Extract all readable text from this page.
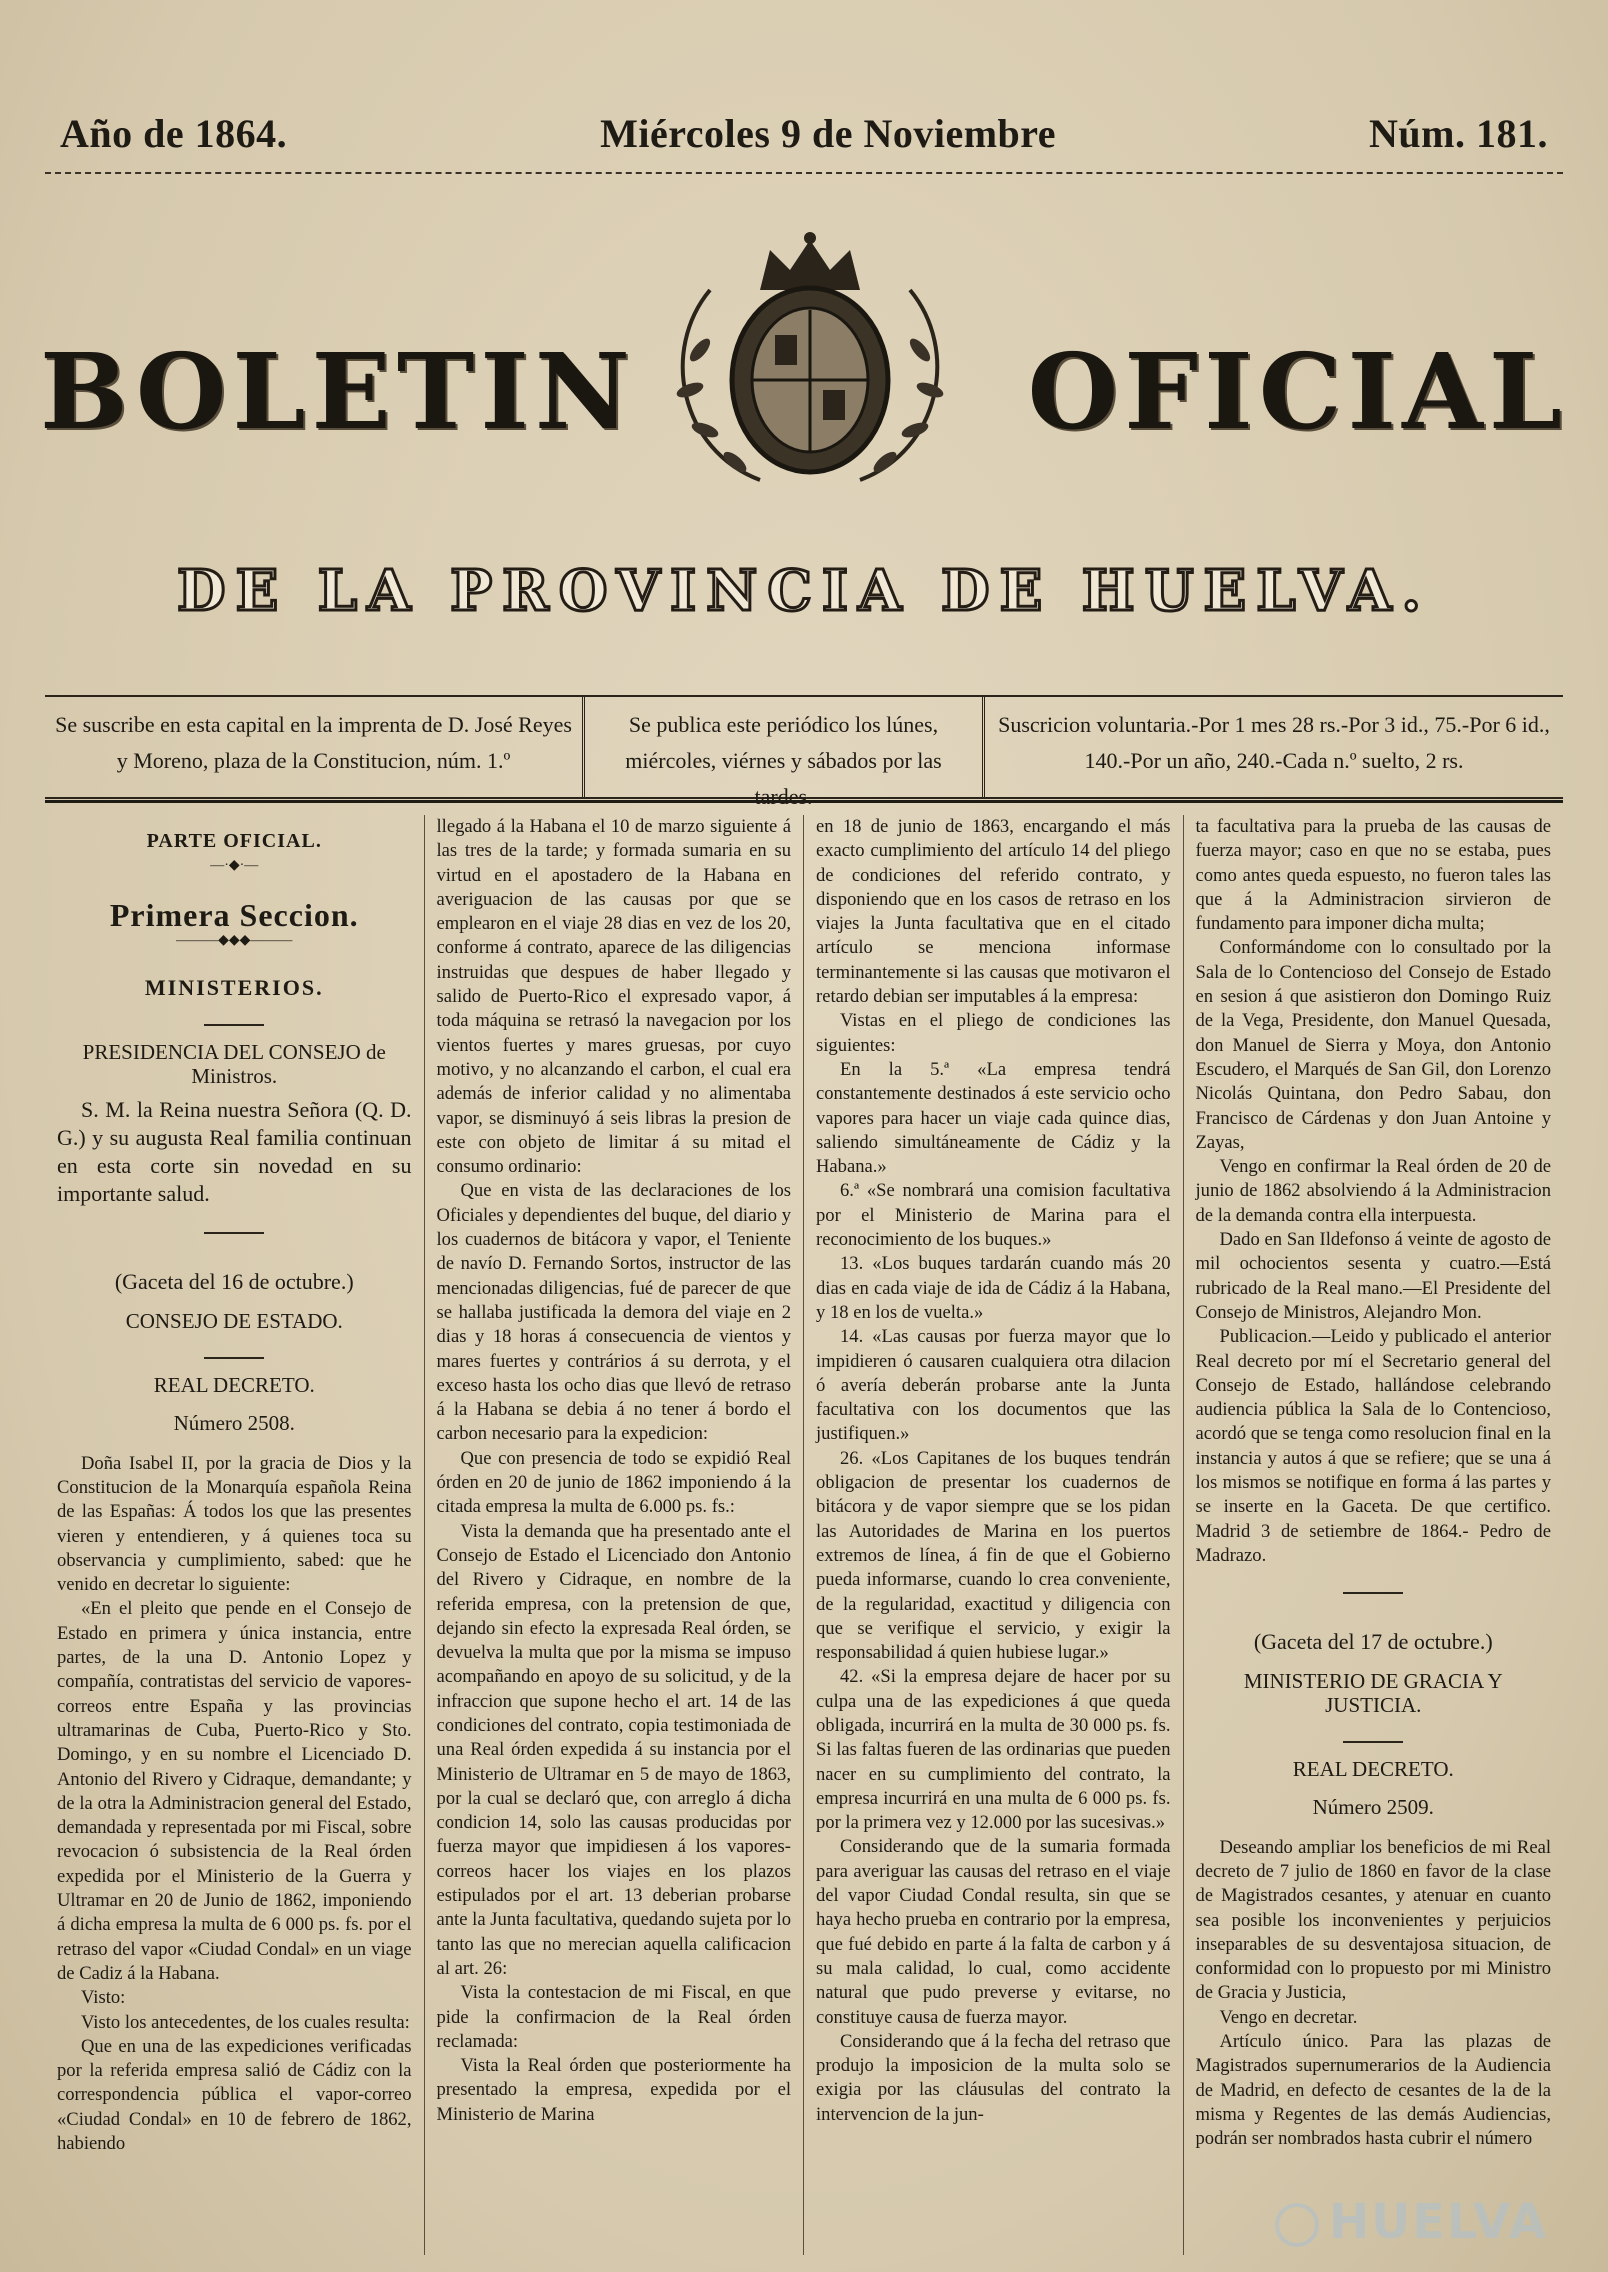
Año de 1864.	Miércoles 9 de Noviembre	Núm. 181.
BOLETIN	OFICIAL
DE LA PROVINCIA DE HUELVA.
Se suscribe en esta capital en la imprenta de D. José Reyes y Moreno, plaza de la Constitucion, núm. 1.º
Se publica este periódico los lúnes, miércoles, viérnes y sábados por las tardes.
Suscricion voluntaria.-Por 1 mes 28 rs.-Por 3 id., 75.-Por 6 id., 140.-Por un año, 240.-Cada n.º suelto, 2 rs.

PARTE OFICIAL.

—·◆·—

Primera Seccion.

———◆◆◆———

MINISTERIOS.

PRESIDENCIA DEL CONSEJO de Ministros.

S. M. la Reina nuestra Señora (Q. D. G.) y su augusta Real familia continuan en esta corte sin novedad en su importante salud.

(Gaceta del 16 de octubre.)

CONSEJO DE ESTADO.

REAL DECRETO.

Número 2508.

Doña Isabel II, por la gracia de Dios y la Constitucion de la Monarquía española Reina de las Españas: Á todos los que las presentes vieren y entendieren, y á quienes toca su observancia y cumplimiento, sabed: que he venido en decretar lo siguiente:

«En el pleito que pende en el Consejo de Estado en primera y única instancia, entre partes, de la una D. Antonio Lopez y compañía, contratistas del servicio de vapores-correos entre España y las provincias ultramarinas de Cuba, Puerto-Rico y Sto. Domingo, y en su nombre el Licenciado D. Antonio del Rivero y Cidraque, demandante; y de la otra la Administracion general del Estado, demandada y representada por mi Fiscal, sobre revocacion ó subsistencia de la Real órden expedida por el Ministerio de la Guerra y Ultramar en 20 de Junio de 1862, imponiendo á dicha empresa la multa de 6 000 ps. fs. por el retraso del vapor «Ciudad Condal» en un viage de Cadiz á la Habana.

Visto:

Visto los antecedentes, de los cuales resulta:

Que en una de las expediciones verificadas por la referida empresa salió de Cádiz con la correspondencia pública el vapor-correo «Ciudad Condal» en 10 de febrero de 1862, habiendo

llegado á la Habana el 10 de marzo siguiente á las tres de la tarde; y formada sumaria en su virtud en el apostadero de la Habana en averiguacion de las causas por que se emplearon en el viaje 28 dias en vez de los 20, conforme á contrato, aparece de las diligencias instruidas que despues de haber llegado y salido de Puerto-Rico el expresado vapor, á toda máquina se retrasó la navegacion por los vientos fuertes y mares gruesas, por cuyo motivo, y no alcanzando el carbon, el cual era además de inferior calidad y no alimentaba vapor, se disminuyó á seis libras la presion de este con objeto de limitar á su mitad el consumo ordinario:

Que en vista de las declaraciones de los Oficiales y dependientes del buque, del diario y los cuadernos de bitácora y vapor, el Teniente de navío D. Fernando Sortos, instructor de las mencionadas diligencias, fué de parecer de que se hallaba justificada la demora del viaje en 2 dias y 18 horas á consecuencia de vientos y mares fuertes y contrários á su derrota, y el exceso hasta los ocho dias que llevó de retraso á la Habana se debia á no tener á bordo el carbon necesario para la expedicion:

Que con presencia de todo se expidió Real órden en 20 de junio de 1862 imponiendo á la citada empresa la multa de 6.000 ps. fs.:

Vista la demanda que ha presentado ante el Consejo de Estado el Licenciado don Antonio del Rivero y Cidraque, en nombre de la referida empresa, con la pretension de que, dejando sin efecto la expresada Real órden, se devuelva la multa que por la misma se impuso acompañando en apoyo de su solicitud, y de la infraccion que supone hecho el art. 14 de las condiciones del contrato, copia testimoniada de una Real órden expedida á su instancia por el Ministerio de Ultramar en 5 de mayo de 1863, por la cual se declaró que, con arreglo á dicha condicion 14, solo las causas producidas por fuerza mayor que impidiesen á los vapores-correos hacer los viajes en los plazos estipulados por el art. 13 deberian probarse ante la Junta facultativa, quedando sujeta por lo tanto las que no merecian aquella calificacion al art. 26:

Vista la contestacion de mi Fiscal, en que pide la confirmacion de la Real órden reclamada:

Vista la Real órden que posteriormente ha presentado la empresa, expedida por el Ministerio de Marina

en 18 de junio de 1863, encargando el más exacto cumplimiento del artículo 14 del pliego de condiciones del referido contrato, y disponiendo que en los casos de retraso en los viajes la Junta facultativa que en el citado artículo se menciona informase terminantemente si las causas que motivaron el retardo debian ser imputables á la empresa:

Vistas en el pliego de condiciones las siguientes:

En la 5.ª «La empresa tendrá constantemente destinados á este servicio ocho vapores para hacer un viaje cada quince dias, saliendo simultáneamente de Cádiz y la Habana.»

6.ª «Se nombrará una comision facultativa por el Ministerio de Marina para el reconocimiento de los buques.»

13. «Los buques tardarán cuando más 20 dias en cada viaje de ida de Cádiz á la Habana, y 18 en los de vuelta.»

14. «Las causas por fuerza mayor que lo impidieren ó causaren cualquiera otra dilacion ó avería deberán probarse ante la Junta facultativa con los documentos que las justifiquen.»

26. «Los Capitanes de los buques tendrán obligacion de presentar los cuadernos de bitácora y de vapor siempre que se los pidan las Autoridades de Marina en los puertos extremos de línea, á fin de que el Gobierno pueda informarse, cuando lo crea conveniente, de la regularidad, exactitud y diligencia con que se verifique el servicio, y exigir la responsabilidad á quien hubiese lugar.»

42. «Si la empresa dejare de hacer por su culpa una de las expediciones á que queda obligada, incurrirá en la multa de 30 000 ps. fs. Si las faltas fueren de las ordinarias que pueden nacer en su cumplimiento del contrato, la empresa incurrirá en una multa de 6 000 ps. fs. por la primera vez y 12.000 por las sucesivas.»

Considerando que de la sumaria formada para averiguar las causas del retraso en el viaje del vapor Ciudad Condal resulta, sin que se haya hecho prueba en contrario por la empresa, que fué debido en parte á la falta de carbon y á su mala calidad, lo cual, como accidente natural que pudo preverse y evitarse, no constituye causa de fuerza mayor.

Considerando que á la fecha del retraso que produjo la imposicion de la multa solo se exigia por las cláusulas del contrato la intervencion de la jun-

ta facultativa para la prueba de las causas de fuerza mayor; caso en que no se estaba, pues como antes queda espuesto, no fueron tales las que á la Administracion sirvieron de fundamento para imponer dicha multa;

Conformándome con lo consultado por la Sala de lo Contencioso del Consejo de Estado en sesion á que asistieron don Domingo Ruiz de la Vega, Presidente, don Manuel Quesada, don Manuel de Sierra y Moya, don Antonio Escudero, el Marqués de San Gil, don Lorenzo Nicolás Quintana, don Pedro Sabau, don Francisco de Cárdenas y don Juan Antoine y Zayas,

Vengo en confirmar la Real órden de 20 de junio de 1862 absolviendo á la Administracion de la demanda contra ella interpuesta.

Dado en San Ildefonso á veinte de agosto de mil ochocientos sesenta y cuatro.—Está rubricado de la Real mano.—El Presidente del Consejo de Ministros, Alejandro Mon.

Publicacion.—Leido y publicado el anterior Real decreto por mí el Secretario general del Consejo de Estado, hallándose celebrando audiencia pública la Sala de lo Contencioso, acordó que se tenga como resolucion final en la instancia y autos á que se refiere; que se una á los mismos se notifique en forma á las partes y se inserte en la Gaceta. De que certifico. Madrid 3 de setiembre de 1864.- Pedro de Madrazo.

(Gaceta del 17 de octubre.)

MINISTERIO DE GRACIA Y JUSTICIA.

REAL DECRETO.

Número 2509.

Deseando ampliar los beneficios de mi Real decreto de 7 julio de 1860 en favor de la clase de Magistrados cesantes, y atenuar en cuanto sea posible los inconvenientes y perjuicios inseparables de su desventajosa situacion, de conformidad con lo propuesto por mi Ministro de Gracia y Justicia,

Vengo en decretar.

Artículo único. Para las plazas de Magistrados supernumerarios de la Audiencia de Madrid, en defecto de cesantes de la de la misma y Regentes de las demás Audiencias, podrán ser nombrados hasta cubrir el número

HUELVA
